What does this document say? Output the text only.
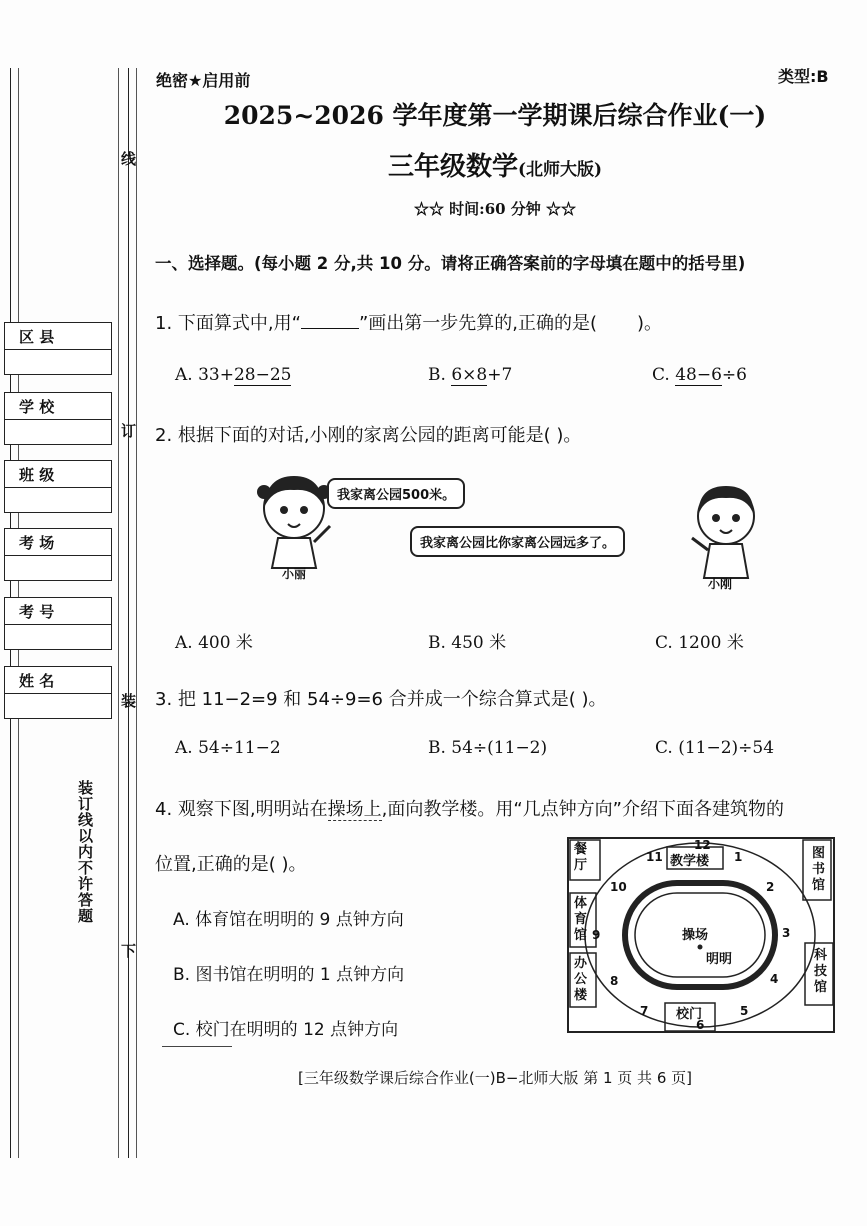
线
订
装
下
区 县
学 校
班 级
考 场
考 号
姓 名
装订线以内不许答题
绝密★启用前	类型:B
2025~2026 学年度第一学期课后综合作业(一)
三年级数学(北师大版)
☆☆ 时间:60 分钟 ☆☆
一、选择题。(每小题 2 分,共 10 分。请将正确答案前的字母填在题中的括号里)
1. 下面算式中,用“	”画出第一步先算的,正确的是( )。
A. 33+28−25	B. 6×8+7	C. 48−6÷6
2. 根据下面的对话,小刚的家离公园的距离可能是( )。
小丽
我家离公园500米。
小刚
我家离公园比你家离公园远多了。
A. 400 米	B. 450 米	C. 1200 米
3. 把 11−2=9 和 54÷9=6 合并成一个综合算式是( )。
A. 54÷11−2	B. 54÷(11−2)	C. (11−2)÷54
4. 观察下图,明明站在操场上,面向教学楼。用“几点钟方向”介绍下面各建筑物的
位置,正确的是( )。
A. 体育馆在明明的 9 点钟方向
B. 图书馆在明明的 1 点钟方向
C. 校门在明明的 12 点钟方向
餐
厅	教学楼
图
书
馆
体
育
馆
办
公
楼
科
技
馆
操场
明明
校门
12
1
2
3
4
5
6
7
8
9
10
11
[三年级数学课后综合作业(一)B−北师大版 第 1 页 共 6 页]
